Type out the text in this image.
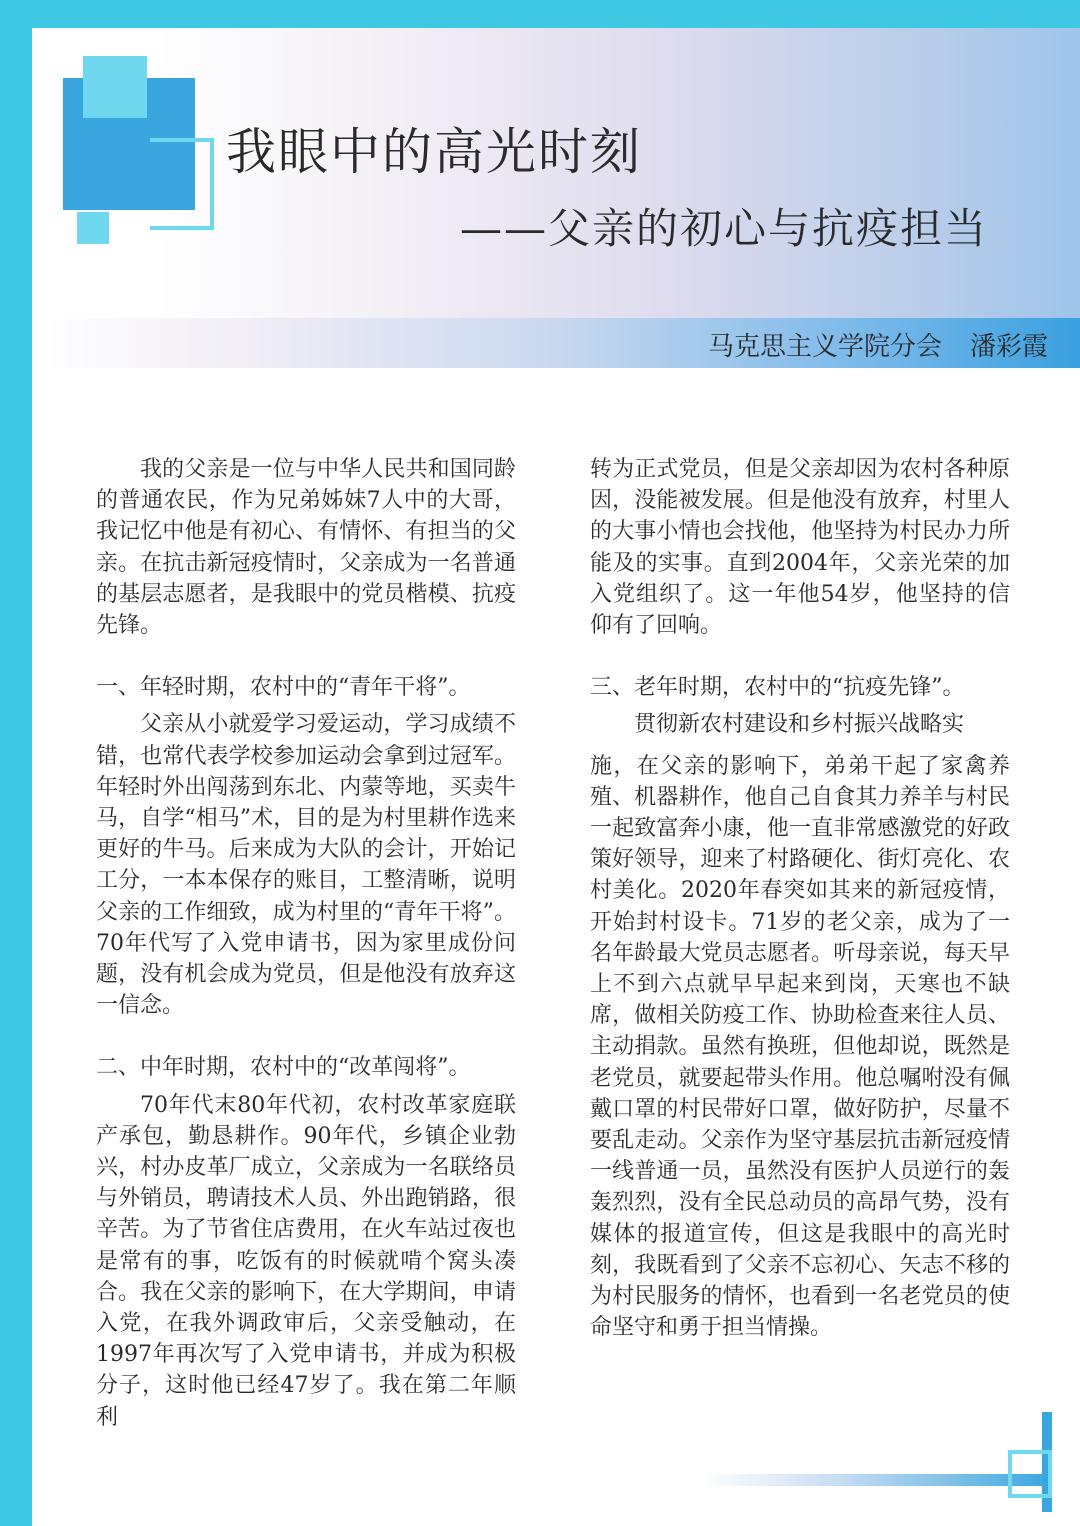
我眼中的高光时刻
——父亲的初心与抗疫担当
马克思主义学院分会 潘彩霞

我的父亲是一位与中华人民共和国同龄的普通农民，作为兄弟姊妹7人中的大哥，我记忆中他是有初心、有情怀、有担当的父亲。在抗击新冠疫情时，父亲成为一名普通的基层志愿者，是我眼中的党员楷模、抗疫先锋。

一、年轻时期，农村中的“青年干将”。

父亲从小就爱学习爱运动，学习成绩不错，也常代表学校参加运动会拿到过冠军。年轻时外出闯荡到东北、内蒙等地，买卖牛马，自学“相马”术，目的是为村里耕作选来更好的牛马。后来成为大队的会计，开始记工分，一本本保存的账目，工整清晰，说明父亲的工作细致，成为村里的“青年干将”。70年代写了入党申请书，因为家里成份问题，没有机会成为党员，但是他没有放弃这一信念。

二、中年时期，农村中的“改革闯将”。

70年代末80年代初，农村改革家庭联产承包，勤恳耕作。90年代，乡镇企业勃兴，村办皮革厂成立，父亲成为一名联络员与外销员，聘请技术人员、外出跑销路，很辛苦。为了节省住店费用，在火车站过夜也是常有的事，吃饭有的时候就啃个窝头凑合。我在父亲的影响下，在大学期间，申请入党，在我外调政审后，父亲受触动，在1997年再次写了入党申请书，并成为积极分子，这时他已经47岁了。我在第二年顺利

转为正式党员，但是父亲却因为农村各种原因，没能被发展。但是他没有放弃，村里人的大事小情也会找他，他坚持为村民办力所能及的实事。直到2004年，父亲光荣的加入党组织了。这一年他54岁，他坚持的信仰有了回响。

三、老年时期，农村中的“抗疫先锋”。

贯彻新农村建设和乡村振兴战略实

施，在父亲的影响下，弟弟干起了家禽养殖、机器耕作，他自己自食其力养羊与村民一起致富奔小康，他一直非常感激党的好政策好领导，迎来了村路硬化、街灯亮化、农村美化。2020年春突如其来的新冠疫情，开始封村设卡。71岁的老父亲，成为了一名年龄最大党员志愿者。听母亲说，每天早上不到六点就早早起来到岗，天寒也不缺席，做相关防疫工作、协助检查来往人员、主动捐款。虽然有换班，但他却说，既然是老党员，就要起带头作用。他总嘱咐没有佩戴口罩的村民带好口罩，做好防护，尽量不要乱走动。父亲作为坚守基层抗击新冠疫情一线普通一员，虽然没有医护人员逆行的轰轰烈烈，没有全民总动员的高昂气势，没有媒体的报道宣传，但这是我眼中的高光时刻，我既看到了父亲不忘初心、矢志不移的为村民服务的情怀，也看到一名老党员的使命坚守和勇于担当情操。
